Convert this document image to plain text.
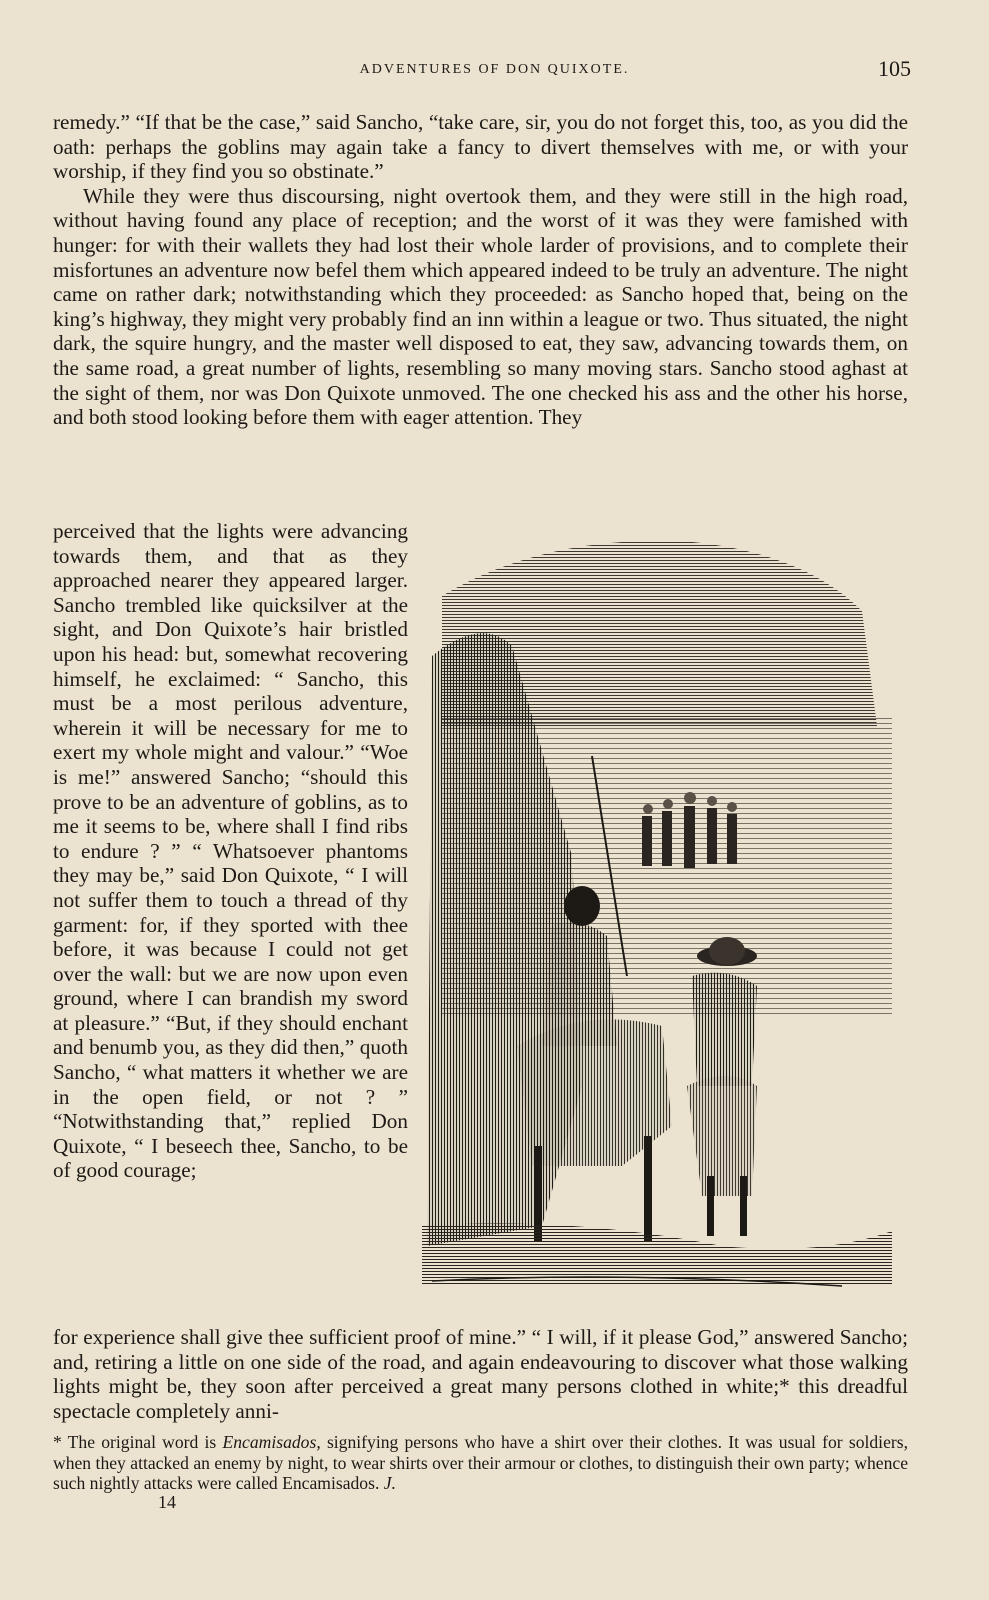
ADVENTURES OF DON QUIXOTE.	105

remedy.” “If that be the case,” said Sancho, “take care, sir, you do not forget this, too, as you did the oath: perhaps the goblins may again take a fancy to divert themselves with me, or with your worship, if they find you so obstinate.”

While they were thus discoursing, night overtook them, and they were still in the high road, without having found any place of reception; and the worst of it was they were famished with hunger: for with their wallets they had lost their whole larder of provisions, and to complete their misfortunes an adventure now befel them which appeared indeed to be truly an adventure. The night came on rather dark; notwithstanding which they proceeded: as Sancho hoped that, being on the king’s highway, they might very probably find an inn within a league or two. Thus situated, the night dark, the squire hungry, and the master well disposed to eat, they saw, advancing towards them, on the same road, a great number of lights, resembling so many moving stars. Sancho stood aghast at the sight of them, nor was Don Quixote unmoved. The one checked his ass and the other his horse, and both stood looking before them with eager attention. They

perceived that the lights were advancing towards them, and that as they approached nearer they appeared larger. Sancho trembled like quicksilver at the sight, and Don Quixote’s hair bristled upon his head: but, somewhat recovering himself, he exclaimed: “ Sancho, this must be a most perilous adventure, wherein it will be necessary for me to exert my whole might and valour.” “Woe is me!” answered Sancho; “should this prove to be an adventure of goblins, as to me it seems to be, where shall I find ribs to endure ? ” “ Whatsoever phantoms they may be,” said Don Quixote, “ I will not suffer them to touch a thread of thy garment: for, if they sported with thee before, it was because I could not get over the wall: but we are now upon even ground, where I can brandish my sword at pleasure.” “But, if they should enchant and benumb you, as they did then,” quoth Sancho, “ what matters it whether we are in the open field, or not ? ” “Notwithstanding that,” replied Don Quixote, “ I beseech thee, Sancho, to be of good courage;

for experience shall give thee sufficient proof of mine.” “ I will, if it please God,” answered Sancho; and, retiring a little on one side of the road, and again endeavouring to discover what those walking lights might be, they soon after perceived a great many persons clothed in white;* this dreadful spectacle completely anni-

* The original word is Encamisados, signifying persons who have a shirt over their clothes. It was usual for soldiers, when they attacked an enemy by night, to wear shirts over their armour or clothes, to distinguish their own party; whence such nightly attacks were called Encamisados. J.

14
